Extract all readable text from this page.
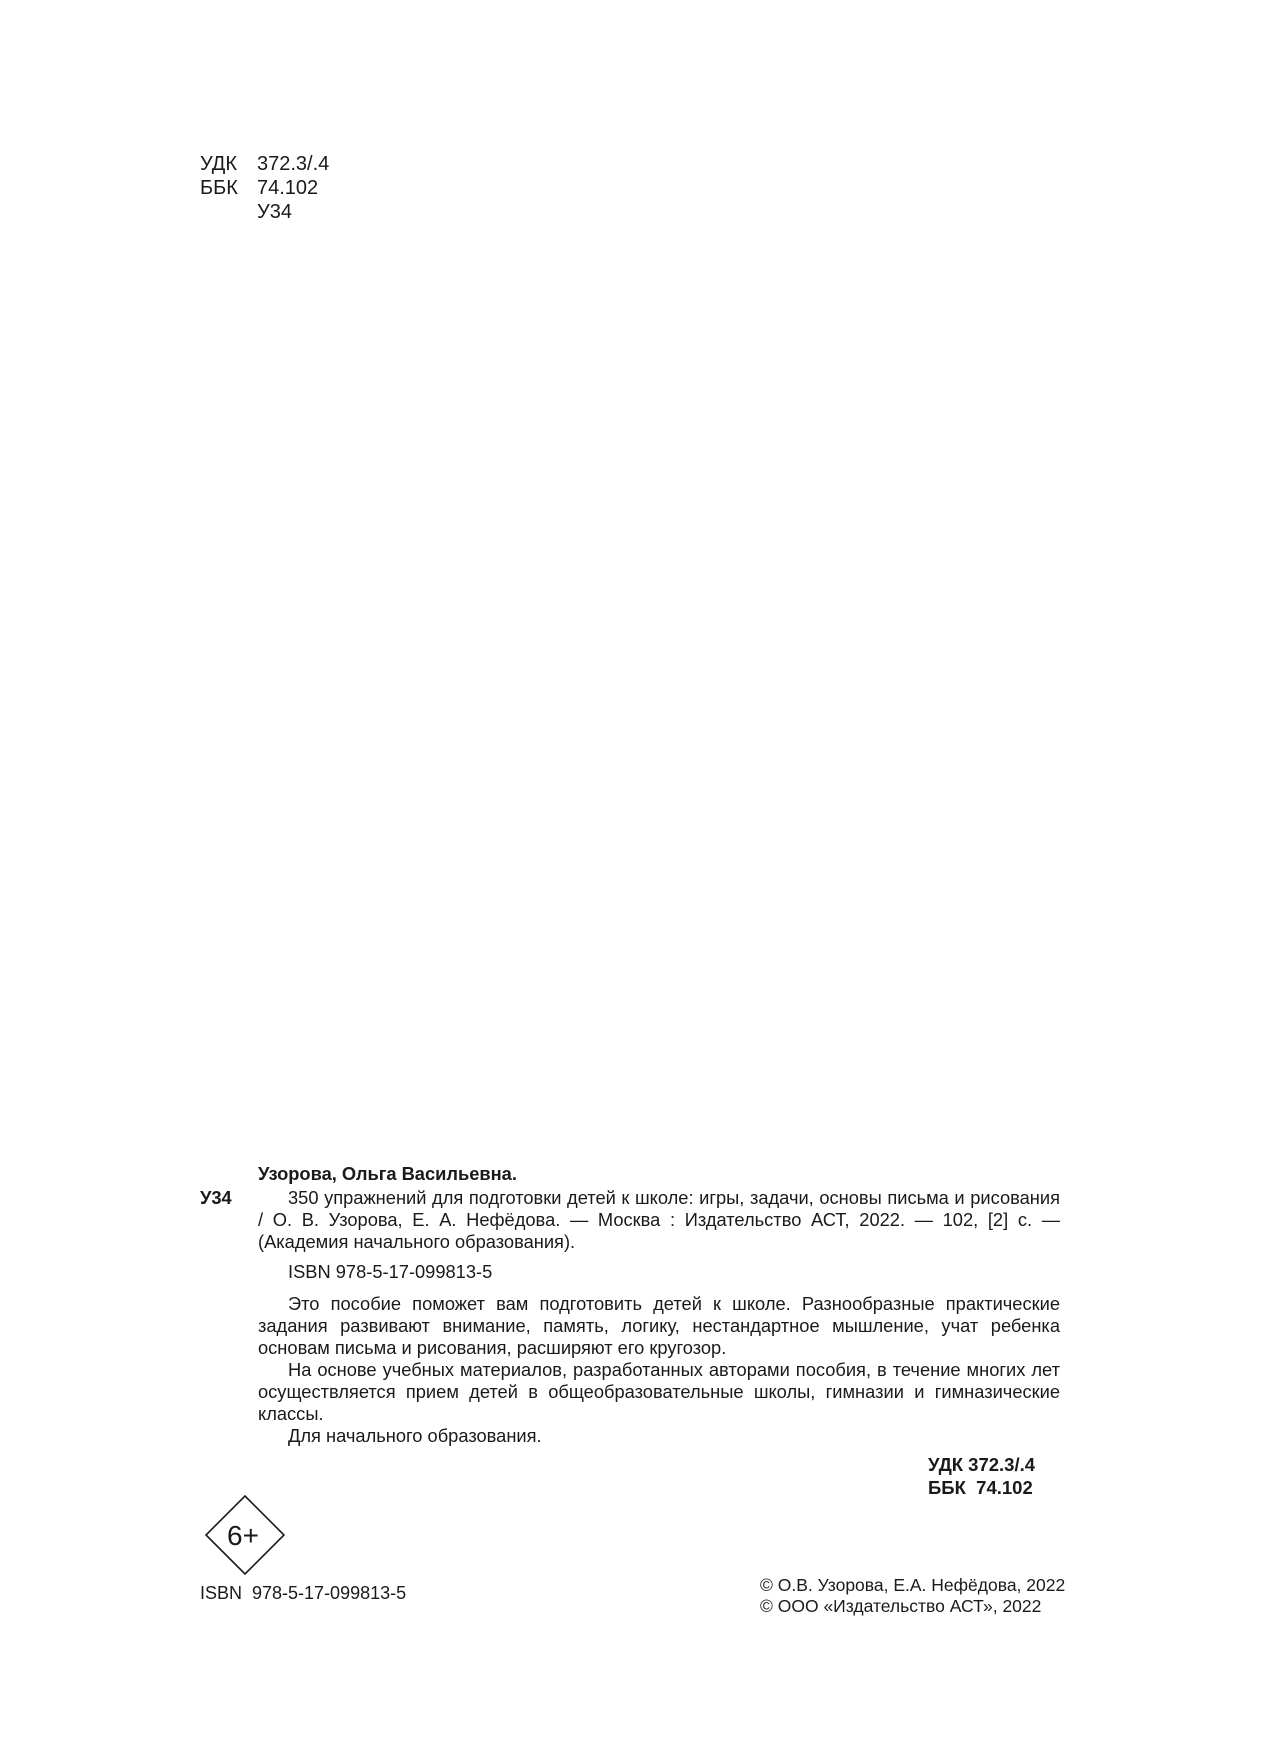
УДК 372.3/.4
ББК 74.102
У34
Узорова, Ольга Васильевна.
У34	350 упражнений для подготовки детей к школе: игры, задачи, основы письма и рисования / О. В. Узорова, Е. А. Нефёдова. — Москва : Издательство АСТ, 2022. — 102, [2] с. — (Академия начального образования).
ISBN 978-5-17-099813-5

Это пособие поможет вам подготовить детей к школе. Разнообразные практические задания развивают внимание, память, логику, нестандартное мышление, учат ребенка основам письма и рисования, расширяют его кругозор.

На основе учебных материалов, разработанных авторами пособия, в течение многих лет осуществляется прием детей в общеобразовательные школы, гимназии и гимназические классы.

Для начального образования.

УДК 372.3/.4
ББК  74.102
6+
ISBN  978-5-17-099813-5	© О.В. Узорова, Е.А. Нефёдова, 2022
© ООО «Издательство АСТ», 2022
